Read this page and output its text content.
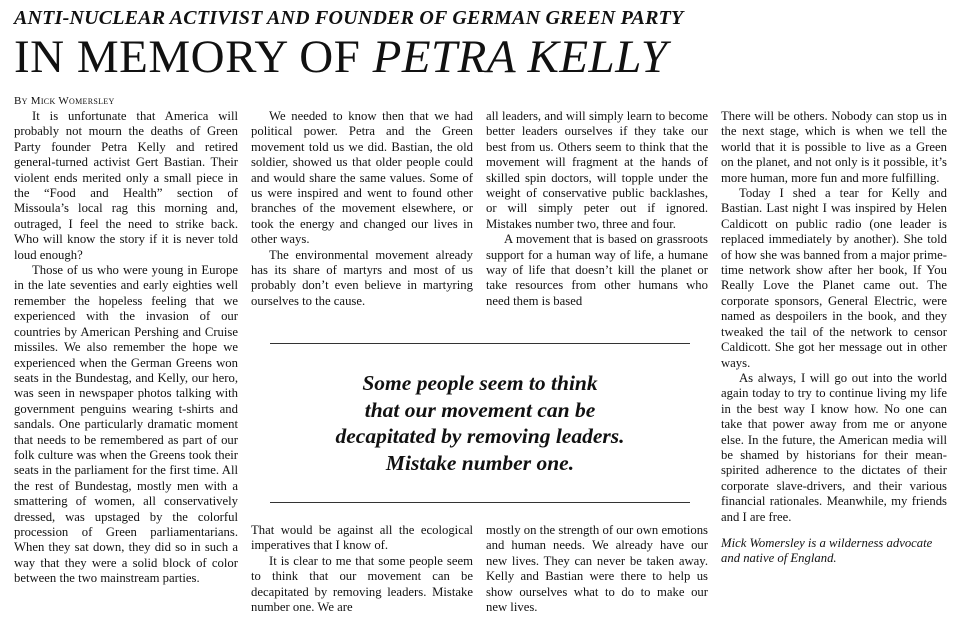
ANTI-NUCLEAR ACTIVIST AND FOUNDER OF GERMAN GREEN PARTY
IN MEMORY OF PETRA KELLY
By Mick Womersley

It is unfortunate that America will probably not mourn the deaths of Green Party founder Petra Kelly and retired general-turned activist Gert Bastian. Their violent ends merited only a small piece in the “Food and Health” section of Missoula’s local rag this morning and, outraged, I feel the need to strike back. Who will know the story if it is never told loud enough?

Those of us who were young in Europe in the late seventies and early eighties well remember the hopeless feeling that we experienced with the invasion of our countries by American Pershing and Cruise missiles. We also remember the hope we experienced when the German Greens won seats in the Bundestag, and Kelly, our hero, was seen in newspaper photos talking with government penguins wearing t-shirts and sandals. One particularly dramatic moment that needs to be remembered as part of our folk culture was when the Greens took their seats in the parliament for the first time. All the rest of Bundestag, mostly men with a smattering of women, all conservatively dressed, was upstaged by the colorful procession of Green parliamentarians. When they sat down, they did so in such a way that they were a solid block of color between the two mainstream parties.

We needed to know then that we had political power. Petra and the Green movement told us we did. Bastian, the old soldier, showed us that older people could and would share the same values. Some of us were inspired and went to found other branches of the movement elsewhere, or took the energy and changed our lives in other ways.

The environmental movement already has its share of martyrs and most of us probably don’t even believe in martyring ourselves to the cause.

all leaders, and will simply learn to become better leaders ourselves if they take our best from us. Others seem to think that the movement will fragment at the hands of skilled spin doctors, will topple under the weight of conservative public backlashes, or will simply peter out if ignored. Mistakes number two, three and four.

A movement that is based on grassroots support for a human way of life, a humane way of life that doesn’t kill the planet or take resources from other humans who need them is based

Some people seem to think
that our movement can be
decapitated by removing leaders.
Mistake number one.

That would be against all the ecological imperatives that I know of.

It is clear to me that some people seem to think that our movement can be decapitated by removing leaders. Mistake number one. We are

mostly on the strength of our own emotions and human needs. We already have our new lives. They can never be taken away. Kelly and Bastian were there to help us show ourselves what to do to make our new lives.

There will be others. Nobody can stop us in the next stage, which is when we tell the world that it is possible to live as a Green on the planet, and not only is it possible, it’s more human, more fun and more fulfilling.

Today I shed a tear for Kelly and Bastian. Last night I was inspired by Helen Caldicott on public radio (one leader is replaced immediately by another). She told of how she was banned from a major prime-time network show after her book, If You Really Love the Planet came out. The corporate sponsors, General Electric, were named as despoilers in the book, and they tweaked the tail of the network to censor Caldicott. She got her message out in other ways.

As always, I will go out into the world again today to try to continue living my life in the best way I know how. No one can take that power away from me or anyone else. In the future, the American media will be shamed by historians for their mean-spirited adherence to the dictates of their corporate slave-drivers, and their various financial rationales. Meanwhile, my friends and I are free.

Mick Womersley is a wilderness advocate and native of England.
